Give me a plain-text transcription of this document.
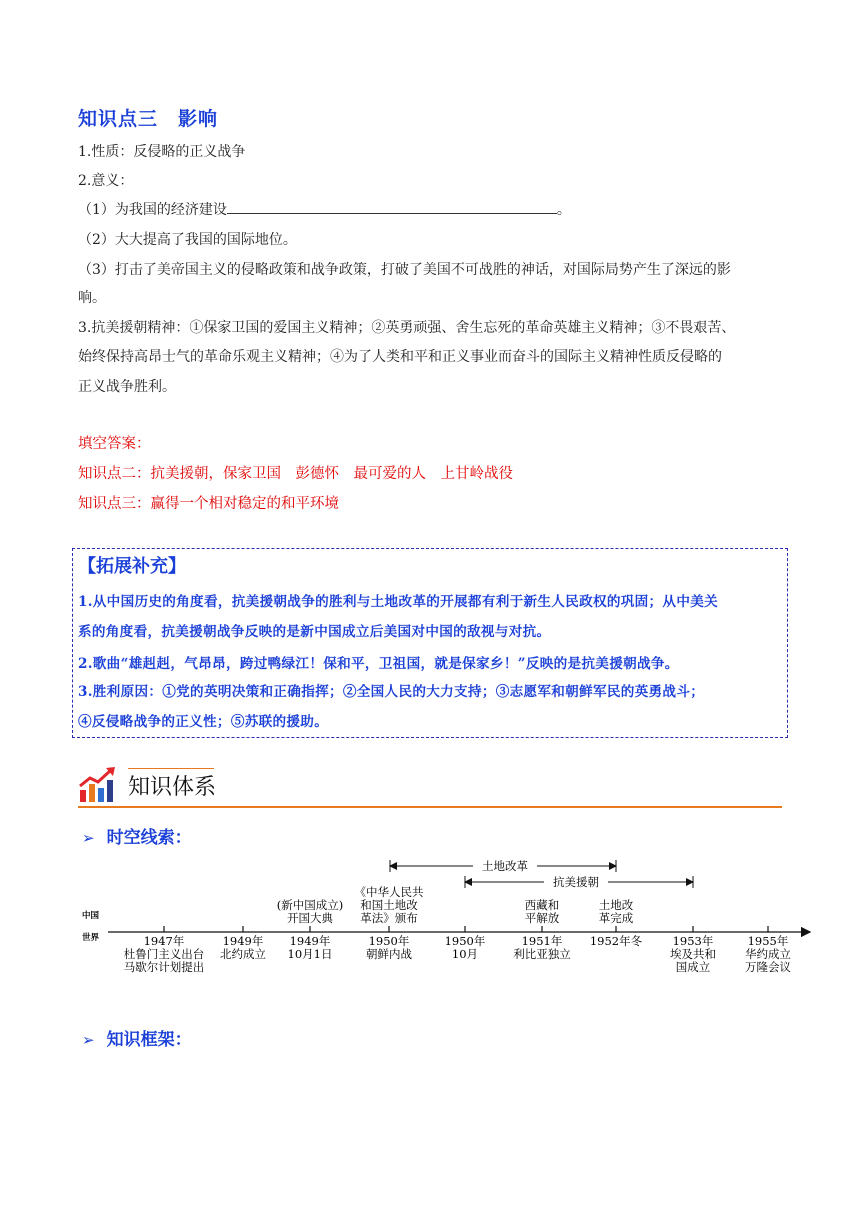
知识点三　影响
1.性质：反侵略的正义战争
2.意义：
（1）为我国的经济建设	。
（2）大大提高了我国的国际地位。
（3）打击了美帝国主义的侵略政策和战争政策，打破了美国不可战胜的神话，对国际局势产生了深远的影
响。
3.抗美援朝精神：①保家卫国的爱国主义精神；②英勇顽强、舍生忘死的革命英雄主义精神；③不畏艰苦、
始终保持高昂士气的革命乐观主义精神；④为了人类和平和正义事业而奋斗的国际主义精神性质反侵略的
正义战争胜利。
填空答案：
知识点二：抗美援朝，保家卫国　彭德怀　最可爱的人　上甘岭战役
知识点三：赢得一个相对稳定的和平环境
【拓展补充】
1.从中国历史的角度看，抗美援朝战争的胜利与土地改革的开展都有利于新生人民政权的巩固；从中美关
系的角度看，抗美援朝战争反映的是新中国成立后美国对中国的敌视与对抗。
2.歌曲“雄赳赳，气昂昂，跨过鸭绿江！保和平，卫祖国，就是保家乡！”反映的是抗美援朝战争。
3.胜利原因：①党的英明决策和正确指挥；②全国人民的大力支持；③志愿军和朝鲜军民的英勇战斗；
④反侵略战争的正义性；⑤苏联的援助。
知识体系
➢ 时空线索：
中国
世界
土地改革
抗美援朝
1947年
杜鲁门主义出台马歇尔计划提出
1949年
北约成立
1949年 10月1日
1950年
朝鲜内战
1950年 10月
1951年
利比亚独立
1952年冬	1953年
埃及共和国成立
1955年
华约成立万隆会议
(新中国成立)开国大典
《中华人民共和国土地改革法》颁布
西藏和平解放
土地改革完成
➢ 知识框架：
